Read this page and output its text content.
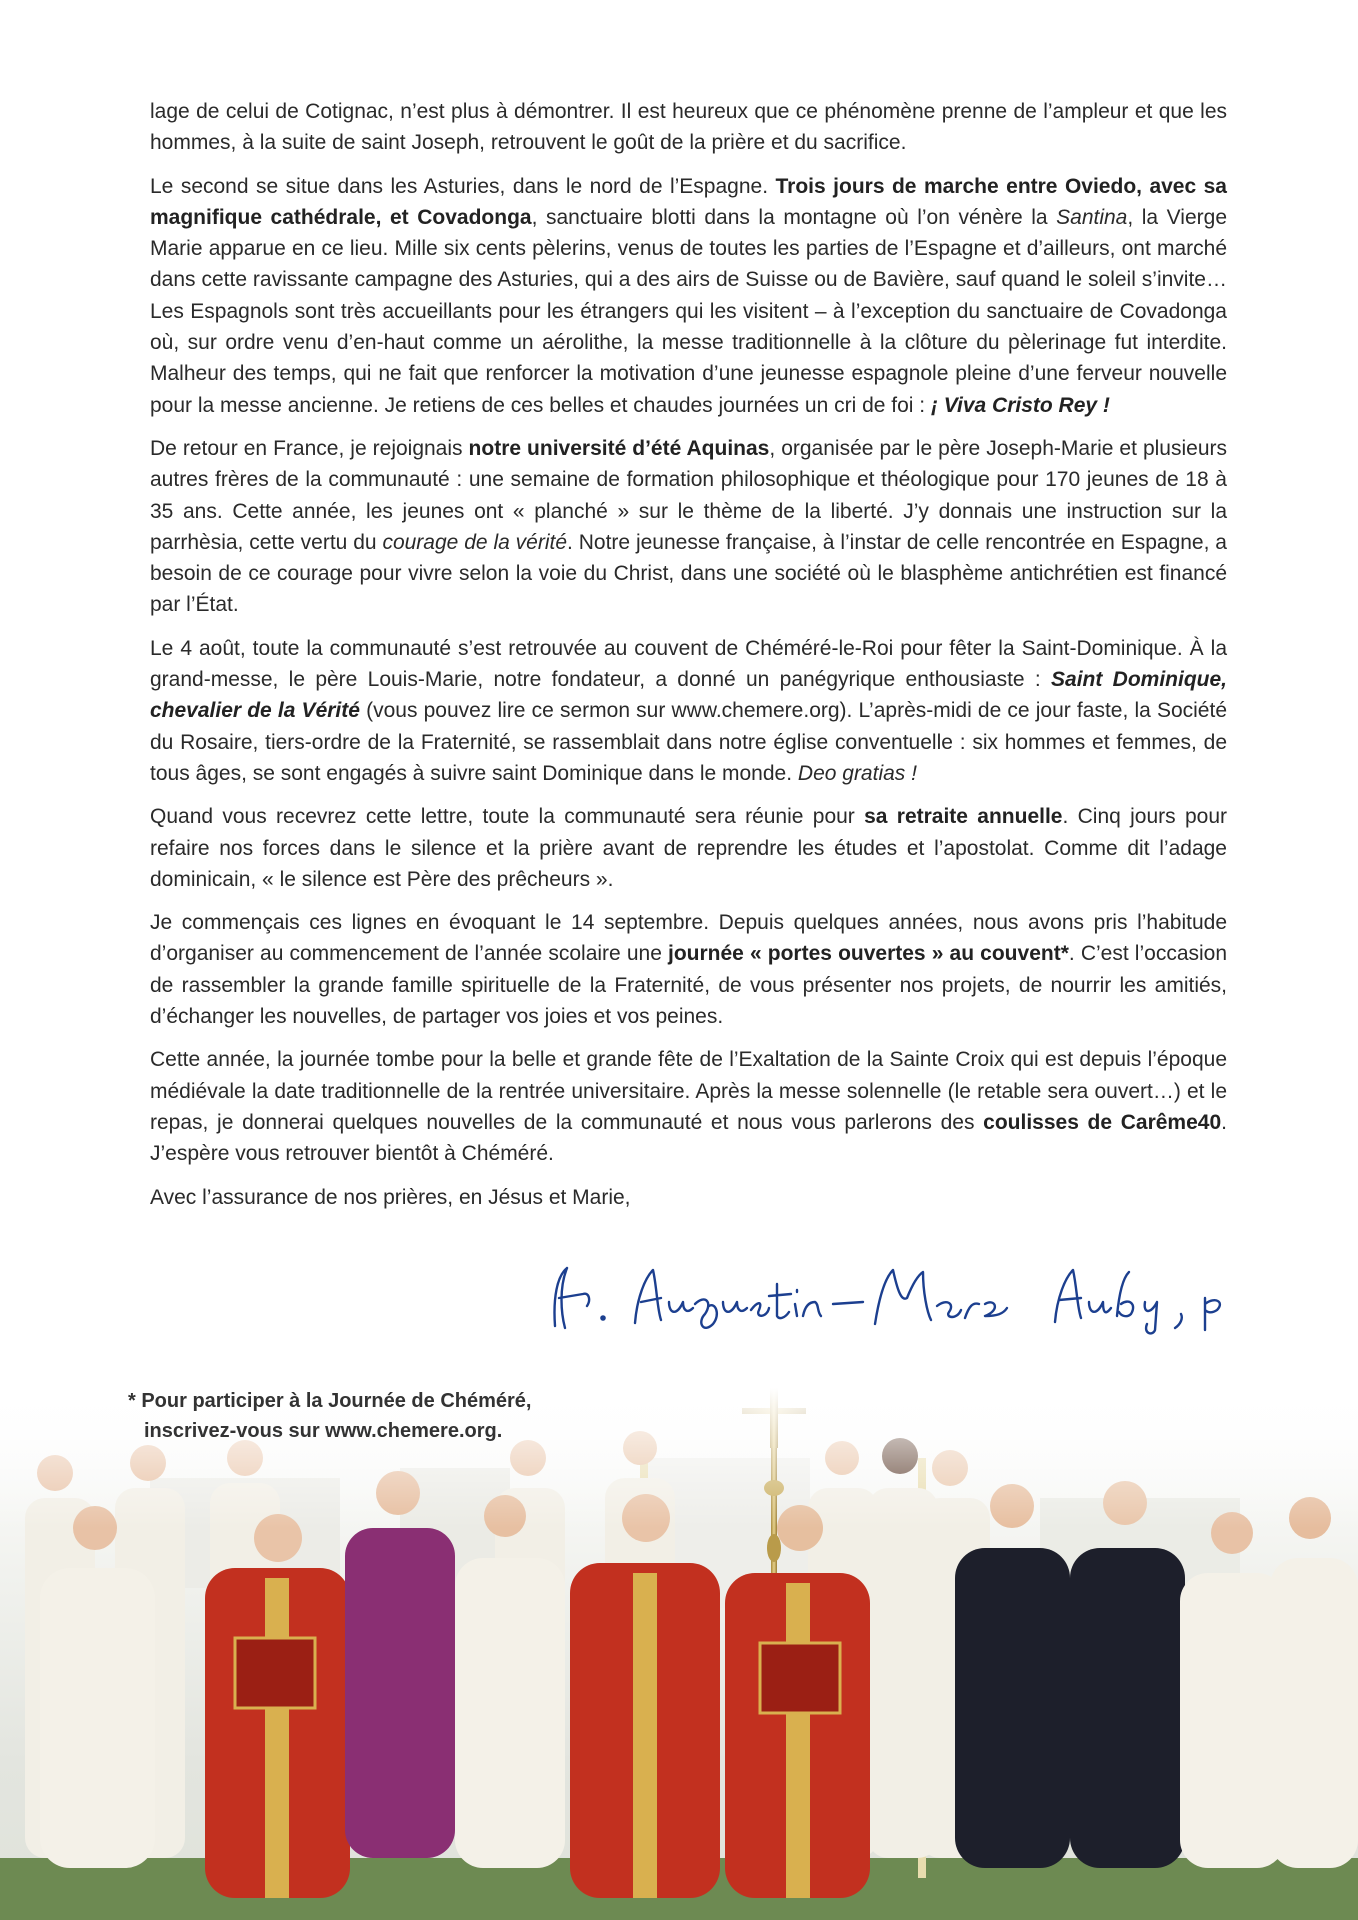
lage de celui de Cotignac, n’est plus à démontrer. Il est heureux que ce phénomène prenne de l’ampleur et que les hommes, à la suite de saint Joseph, retrouvent le goût de la prière et du sacrifice.

Le second se situe dans les Asturies, dans le nord de l’Espagne. Trois jours de marche entre Oviedo, avec sa magnifique cathédrale, et Covadonga, sanctuaire blotti dans la montagne où l’on vénère la Santina, la Vierge Marie apparue en ce lieu. Mille six cents pèlerins, venus de toutes les parties de l’Espagne et d’ailleurs, ont marché dans cette ravissante campagne des Asturies, qui a des airs de Suisse ou de Bavière, sauf quand le soleil s’invite… Les Espagnols sont très accueillants pour les étrangers qui les visitent – à l’exception du sanctuaire de Covadonga où, sur ordre venu d’en-haut comme un aérolithe, la messe traditionnelle à la clôture du pèlerinage fut interdite. Malheur des temps, qui ne fait que renforcer la motivation d’une jeunesse espagnole pleine d’une ferveur nouvelle pour la messe ancienne. Je retiens de ces belles et chaudes journées un cri de foi : ¡ Viva Cristo Rey !

De retour en France, je rejoignais notre université d’été Aquinas, organisée par le père Joseph-Marie et plusieurs autres frères de la communauté : une semaine de formation philosophique et théologique pour 170 jeunes de 18 à 35 ans. Cette année, les jeunes ont « planché » sur le thème de la liberté. J’y donnais une instruction sur la parrhèsia, cette vertu du courage de la vérité. Notre jeunesse française, à l’instar de celle rencontrée en Espagne, a besoin de ce courage pour vivre selon la voie du Christ, dans une société où le blasphème antichrétien est financé par l’État.

Le 4 août, toute la communauté s’est retrouvée au couvent de Chéméré-le-Roi pour fêter la Saint-Dominique. À la grand-messe, le père Louis-Marie, notre fondateur, a donné un panégyrique enthousiaste : Saint Dominique, chevalier de la Vérité (vous pouvez lire ce sermon sur www.chemere.org). L’après-midi de ce jour faste, la Société du Rosaire, tiers-ordre de la Fraternité, se rassemblait dans notre église conventuelle : six hommes et femmes, de tous âges, se sont engagés à suivre saint Dominique dans le monde. Deo gratias !

Quand vous recevrez cette lettre, toute la communauté sera réunie pour sa retraite annuelle. Cinq jours pour refaire nos forces dans le silence et la prière avant de reprendre les études et l’apostolat. Comme dit l’adage dominicain, « le silence est Père des prêcheurs ».

Je commençais ces lignes en évoquant le 14 septembre. Depuis quelques années, nous avons pris l’habitude d’organiser au commencement de l’année scolaire une journée « portes ouvertes » au couvent*. C’est l’occasion de rassembler la grande famille spirituelle de la Fraternité, de vous présenter nos projets, de nourrir les amitiés, d’échanger les nouvelles, de partager vos joies et vos peines.

Cette année, la journée tombe pour la belle et grande fête de l’Exaltation de la Sainte Croix qui est depuis l’époque médiévale la date traditionnelle de la rentrée universitaire. Après la messe solennelle (le retable sera ouvert…) et le repas, je donnerai quelques nouvelles de la communauté et nous vous parlerons des coulisses de Carême40. J’espère vous retrouver bientôt à Chéméré.

Avec l’assurance de nos prières, en Jésus et Marie,

* Pour participer à la Journée de Chéméré,
inscrivez-vous sur www.chemere.org.
